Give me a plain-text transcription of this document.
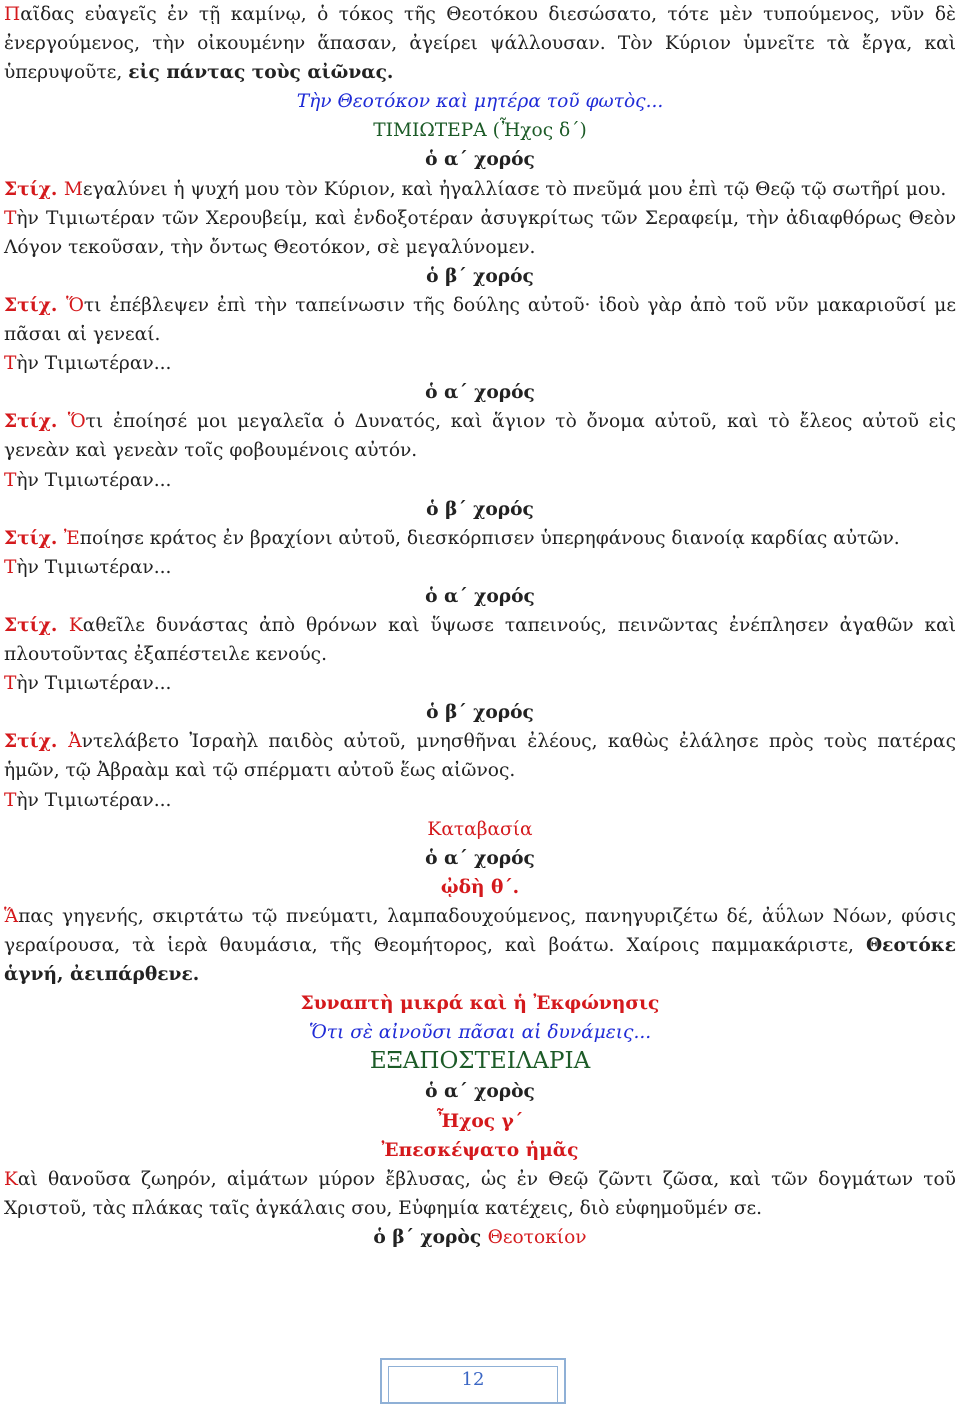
Παῖδας εὐαγεῖς ἐν τῇ καμίνῳ, ὁ τόκος τῆς Θεοτόκου διεσώσατο, τότε μὲν τυπούμενος, νῦν δὲ ἐνεργούμενος, τὴν οἰκουμένην ἅπασαν, ἀγείρει ψάλλουσαν. Τὸν Κύριον ὑμνεῖτε τὰ ἔργα, καὶ ὑπερυψοῦτε, εἰς πάντας τοὺς αἰῶνας.

Τὴν Θεοτόκον καὶ μητέρα τοῦ φωτὸς...

ΤΙΜΙΩΤΕΡΑ (Ἦχος δ΄)

ὁ α΄ χορός

Στίχ. Μεγαλύνει ἡ ψυχή μου τὸν Κύριον, καὶ ἠγαλλίασε τὸ πνεῦμά μου ἐπὶ τῷ Θεῷ τῷ σωτῆρί μου.

Τὴν Τιμιωτέραν τῶν Χερουβείμ, καὶ ἐνδοξοτέραν ἀσυγκρίτως τῶν Σεραφείμ, τὴν ἀδιαφθόρως Θεὸν Λόγον τεκοῦσαν, τὴν ὄντως Θεοτόκον, σὲ μεγαλύνομεν.

ὁ β΄ χορός

Στίχ. Ὅτι ἐπέβλεψεν ἐπὶ τὴν ταπείνωσιν τῆς δούλης αὐτοῦ· ἰδοὺ γὰρ ἀπὸ τοῦ νῦν μακαριοῦσί με πᾶσαι αἱ γενεαί.

Τὴν Τιμιωτέραν...

ὁ α΄ χορός

Στίχ. Ὅτι ἐποίησέ μοι μεγαλεῖα ὁ Δυνατός, καὶ ἅγιον τὸ ὄνομα αὐτοῦ, καὶ τὸ ἔλεος αὐτοῦ εἰς γενεὰν καὶ γενεὰν τοῖς φοβουμένοις αὐτόν.

Τὴν Τιμιωτέραν...

ὁ β΄ χορός

Στίχ. Ἐποίησε κράτος ἐν βραχίονι αὐτοῦ, διεσκόρπισεν ὑπερηφάνους διανοίᾳ καρδίας αὐτῶν.

Τὴν Τιμιωτέραν...

ὁ α΄ χορός

Στίχ. Καθεῖλε δυνάστας ἀπὸ θρόνων καὶ ὕψωσε ταπεινούς, πεινῶντας ἐνέπλησεν ἀγαθῶν καὶ πλουτοῦντας ἐξαπέστειλε κενούς.

Τὴν Τιμιωτέραν...

ὁ β΄ χορός

Στίχ. Ἀντελάβετο Ἰσραὴλ παιδὸς αὐτοῦ, μνησθῆναι ἐλέους, καθὼς ἐλάλησε πρὸς τοὺς πατέρας ἡμῶν, τῷ Ἀβραὰμ καὶ τῷ σπέρματι αὐτοῦ ἕως αἰῶνος.

Τὴν Τιμιωτέραν...

Καταβασία

ὁ α΄ χορός

ᾠδὴ θ΄.

Ἅπας γηγενής, σκιρτάτω τῷ πνεύματι, λαμπαδουχούμενος, πανηγυριζέτω δέ, ἀΰλων Νόων, φύσις γεραίρουσα, τὰ ἱερὰ θαυμάσια, τῆς Θεομήτορος, καὶ βοάτω. Χαίροις παμμακάριστε, Θεοτόκε ἁγνή, ἀειπάρθενε.

Συναπτὴ μικρά καὶ ἡ Ἐκφώνησις

Ὅτι σὲ αἰνοῦσι πᾶσαι αἱ δυνάμεις...

ΕΞΑΠΟΣΤΕΙΛΑΡΙΑ

ὁ α΄ χορὸς

Ἦχος γ΄

Ἐπεσκέψατο ἡμᾶς

Καὶ θανοῦσα ζωηρόν, αἱμάτων μύρον ἔβλυσας, ὡς ἐν Θεῷ ζῶντι ζῶσα, καὶ τῶν δογμάτων τοῦ Χριστοῦ, τὰς πλάκας ταῖς ἀγκάλαις σου, Εὐφημία κατέχεις, διὸ εὐφημοῦμέν σε.

ὁ β΄ χορὸς Θεοτοκίον

12
